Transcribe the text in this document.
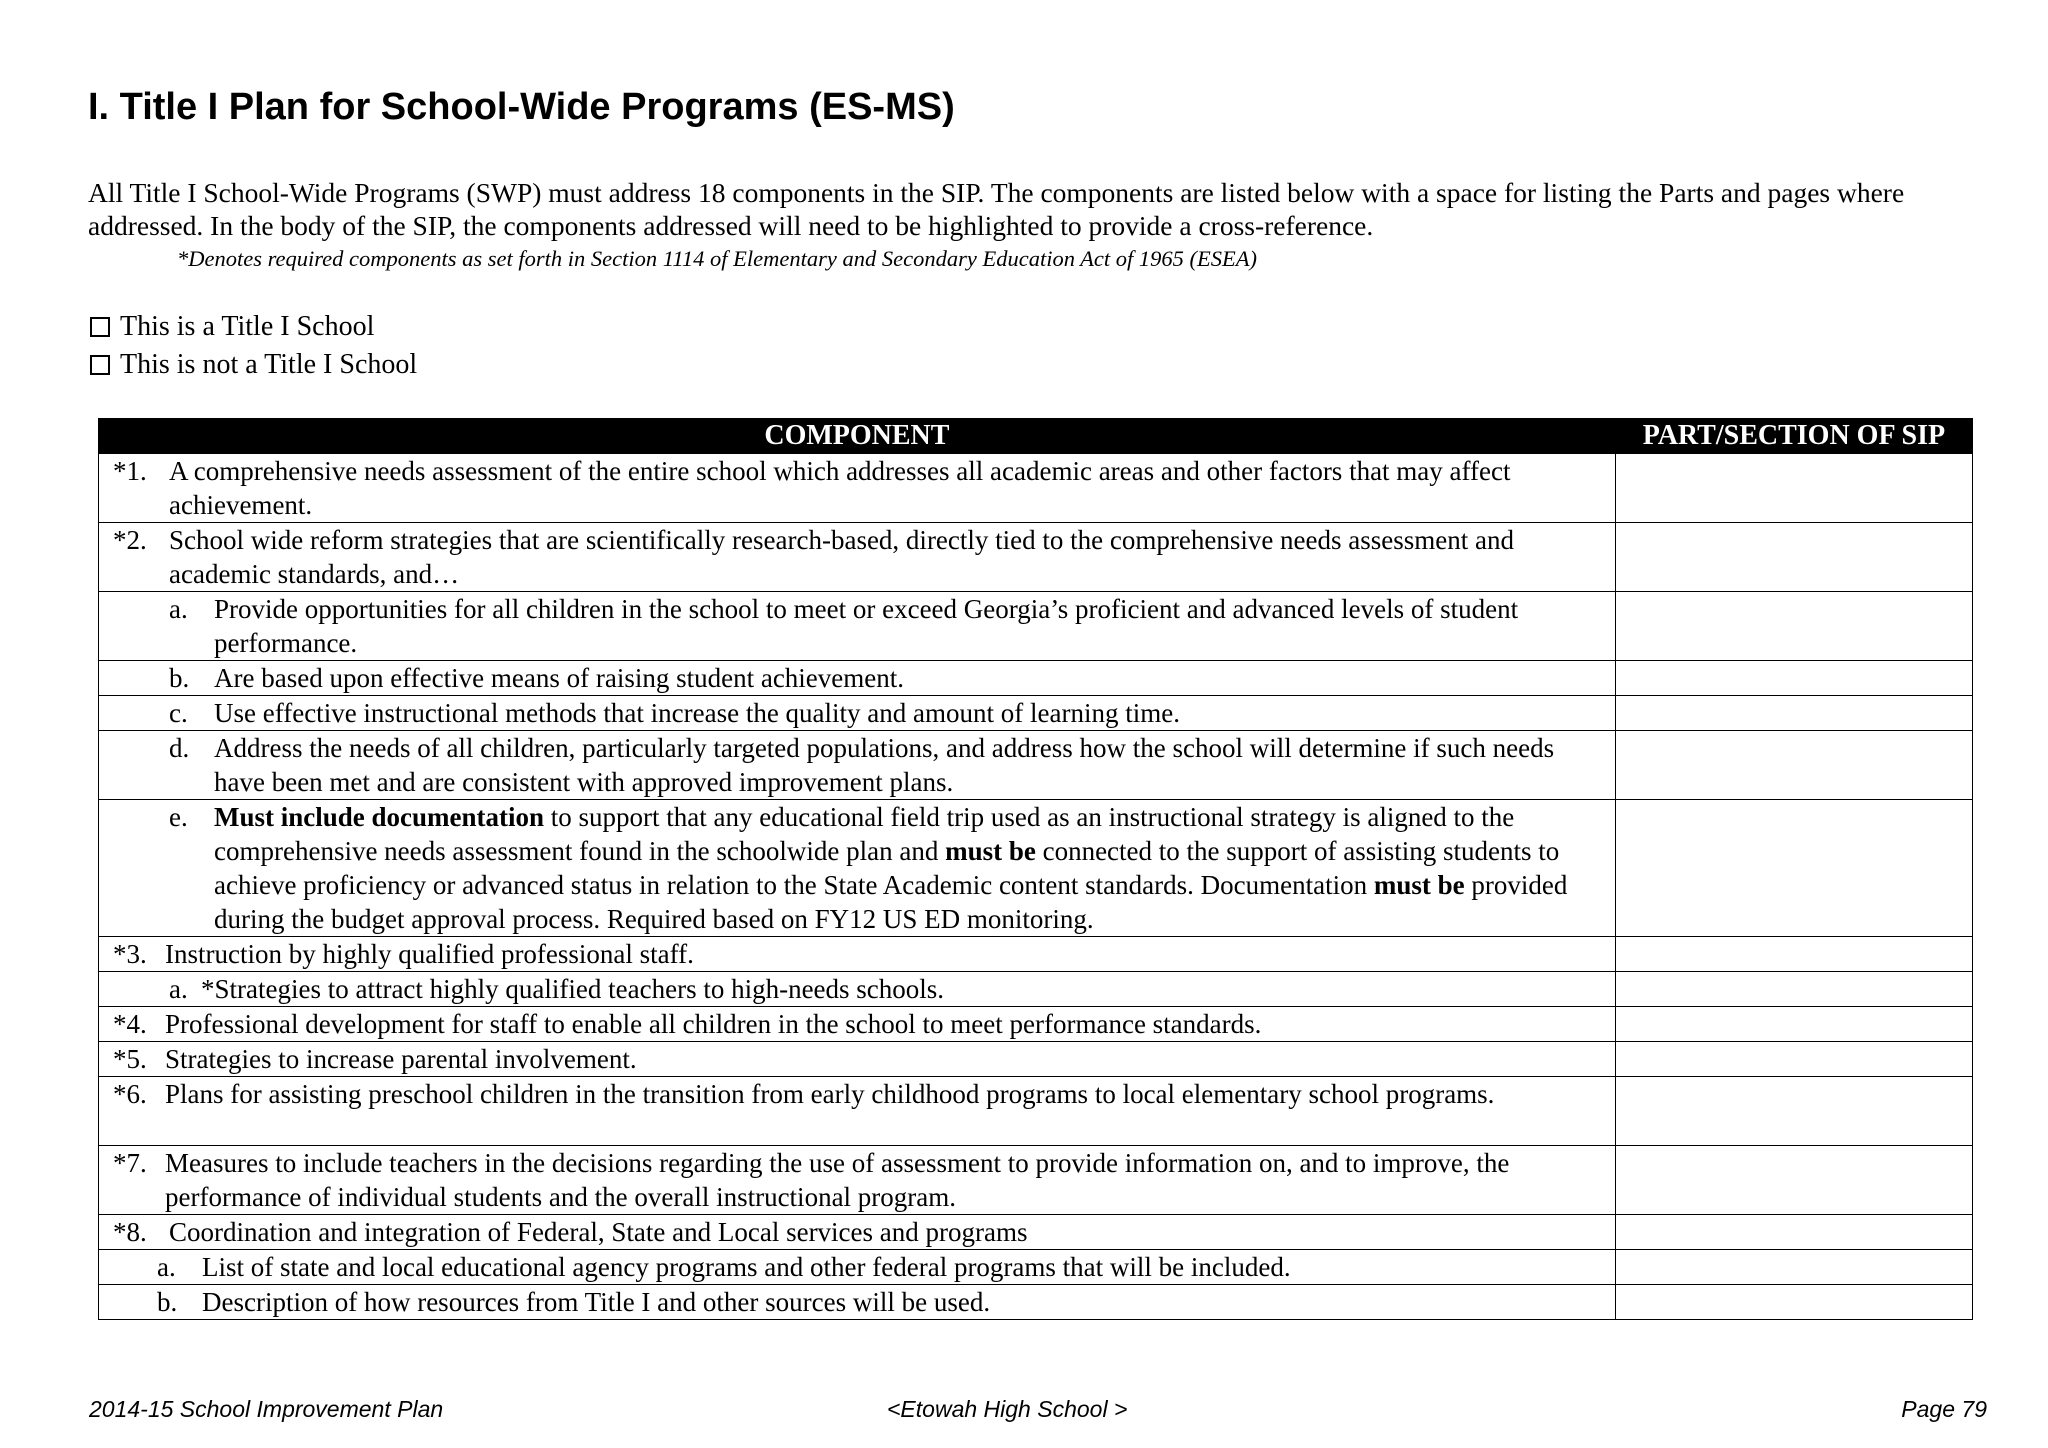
I. Title I Plan for School-Wide Programs (ES-MS)
All Title I School-Wide Programs (SWP) must address 18 components in the SIP. The components are listed below with a space for listing the Parts and pages where addressed. In the body of the SIP, the components addressed will need to be highlighted to provide a cross-reference.
*Denotes required components as set forth in Section 1114 of Elementary and Secondary Education Act of 1965 (ESEA)
This is a Title I School
This is not a Title I School
COMPONENT	PART/SECTION OF SIP

*1. A comprehensive needs assessment of the entire school which addresses all academic areas and other factors that may affect achievement.	

*2. School wide reform strategies that are scientifically research-based, directly tied to the comprehensive needs assessment and academic standards, and…	

a. Provide opportunities for all children in the school to meet or exceed Georgia’s proficient and advanced levels of student performance.	

b. Are based upon effective means of raising student achievement.	

c. Use effective instructional methods that increase the quality and amount of learning time.	

d. Address the needs of all children, particularly targeted populations, and address how the school will determine if such needs have been met and are consistent with approved improvement plans.	

e. Must include documentation to support that any educational field trip used as an instructional strategy is aligned to the comprehensive needs assessment found in the schoolwide plan and must be connected to the support of assisting students to achieve proficiency or advanced status in relation to the State Academic content standards. Documentation must be provided during the budget approval process. Required based on FY12 US ED monitoring.	

*3. Instruction by highly qualified professional staff.	

a. *Strategies to attract highly qualified teachers to high-needs schools.	

*4. Professional development for staff to enable all children in the school to meet performance standards.	

*5. Strategies to increase parental involvement.	

*6. Plans for assisting preschool children in the transition from early childhood programs to local elementary school programs.	

*7. Measures to include teachers in the decisions regarding the use of assessment to provide information on, and to improve, the performance of individual students and the overall instructional program.	

*8. Coordination and integration of Federal, State and Local services and programs	

a. List of state and local educational agency programs and other federal programs that will be included.	

b. Description of how resources from Title I and other sources will be used.	

2014-15 School Improvement Plan	<Etowah High School >	Page 79
